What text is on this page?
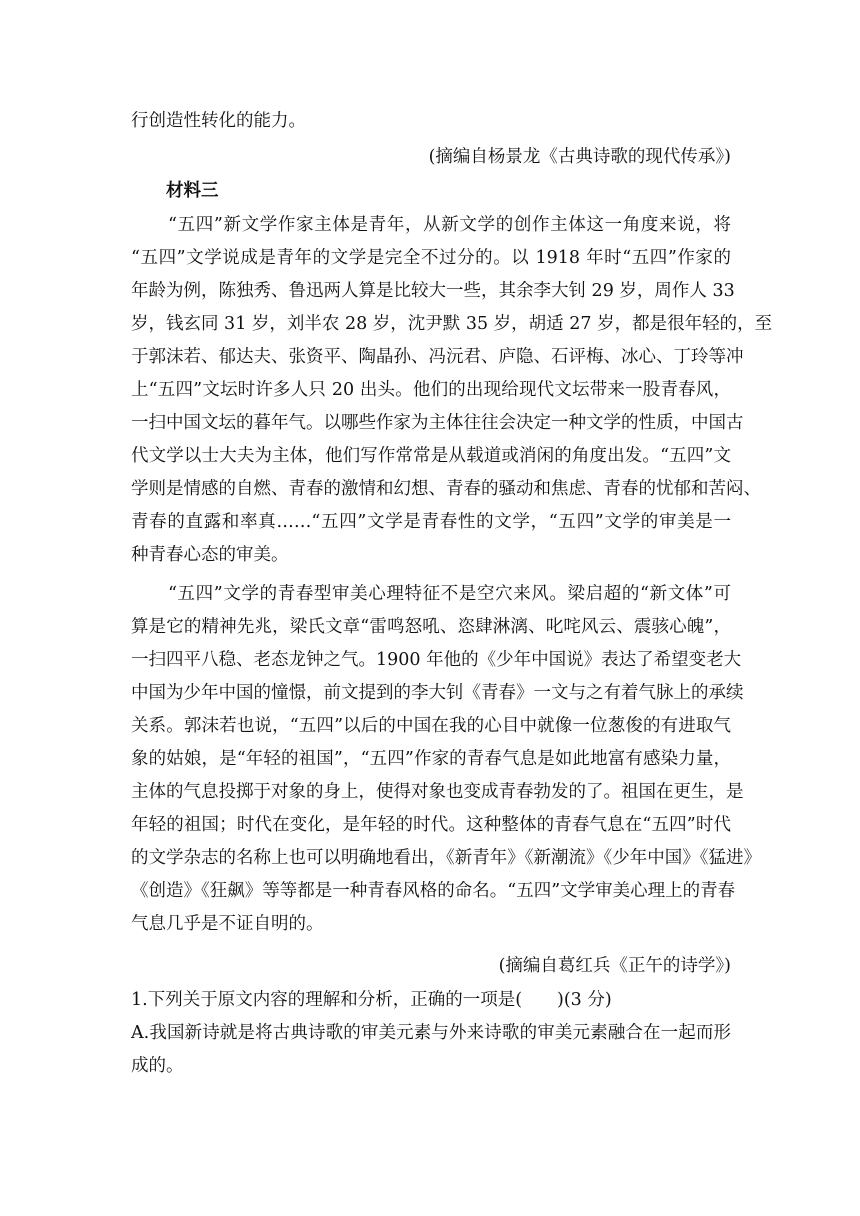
行创造性转化的能力。
(摘编自杨景龙《古典诗歌的现代传承》)
材料三
“五四”新文学作家主体是青年，从新文学的创作主体这一角度来说，将
“五四”文学说成是青年的文学是完全不过分的。以 1918 年时“五四”作家的
年龄为例，陈独秀、鲁迅两人算是比较大一些，其余李大钊 29 岁，周作人 33
岁，钱玄同 31 岁，刘半农 28 岁，沈尹默 35 岁，胡适 27 岁，都是很年轻的，至
于郭沫若、郁达夫、张资平、陶晶孙、冯沅君、庐隐、石评梅、冰心、丁玲等冲
上“五四”文坛时许多人只 20 出头。他们的出现给现代文坛带来一股青春风，
一扫中国文坛的暮年气。以哪些作家为主体往往会决定一种文学的性质，中国古
代文学以士大夫为主体，他们写作常常是从载道或消闲的角度出发。“五四”文
学则是情感的自燃、青春的激情和幻想、青春的骚动和焦虑、青春的忧郁和苦闷、
青春的直露和率真……“五四”文学是青春性的文学，“五四”文学的审美是一
种青春心态的审美。
“五四”文学的青春型审美心理特征不是空穴来风。梁启超的“新文体”可
算是它的精神先兆，梁氏文章“雷鸣怒吼、恣肆淋漓、叱咤风云、震骇心魄”，
一扫四平八稳、老态龙钟之气。1900 年他的《少年中国说》表达了希望变老大
中国为少年中国的憧憬，前文提到的李大钊《青春》一文与之有着气脉上的承续
关系。郭沫若也说，“五四”以后的中国在我的心目中就像一位葱俊的有进取气
象的姑娘，是“年轻的祖国”，“五四”作家的青春气息是如此地富有感染力量，
主体的气息投掷于对象的身上，使得对象也变成青春勃发的了。祖国在更生，是
年轻的祖国；时代在变化，是年轻的时代。这种整体的青春气息在“五四”时代
的文学杂志的名称上也可以明确地看出，《新青年》《新潮流》《少年中国》《猛进》
《创造》《狂飙》等等都是一种青春风格的命名。“五四”文学审美心理上的青春
气息几乎是不证自明的。
(摘编自葛红兵《正午的诗学》)
1.下列关于原文内容的理解和分析，正确的一项是(　　)(3 分)
A.我国新诗就是将古典诗歌的审美元素与外来诗歌的审美元素融合在一起而形
成的。
